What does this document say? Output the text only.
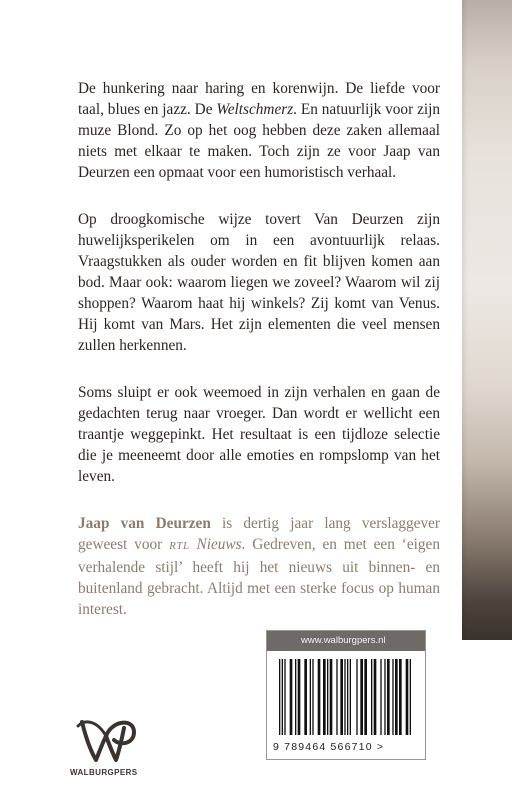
De hunkering naar haring en korenwijn. De liefde voor taal, blues en jazz. De Weltschmerz. En natuurlijk voor zijn muze Blond. Zo op het oog hebben deze zaken allemaal niets met elkaar te maken. Toch zijn ze voor Jaap van Deurzen een opmaat voor een humoristisch verhaal.

Op droogkomische wijze tovert Van Deurzen zijn huwelijksperikelen om in een avontuurlijk relaas. Vraagstukken als ouder worden en fit blijven komen aan bod. Maar ook: waarom liegen we zoveel? Waarom wil zij shoppen? Waarom haat hij winkels? Zij komt van Venus. Hij komt van Mars. Het zijn elementen die veel mensen zullen herkennen.

Soms sluipt er ook weemoed in zijn verhalen en gaan de gedachten terug naar vroeger. Dan wordt er wellicht een traantje weggepinkt. Het resultaat is een tijdloze selectie die je meeneemt door alle emoties en rompslomp van het leven.

Jaap van Deurzen is dertig jaar lang verslaggever geweest voor RTL Nieuws. Gedreven, en met een ‘eigen verhalende stijl’ heeft hij het nieuws uit binnen- en buitenland gebracht. Altijd met een sterke focus op human interest.

www.walburgpers.nl
9 789464 566710 >
WALBURGPERS
